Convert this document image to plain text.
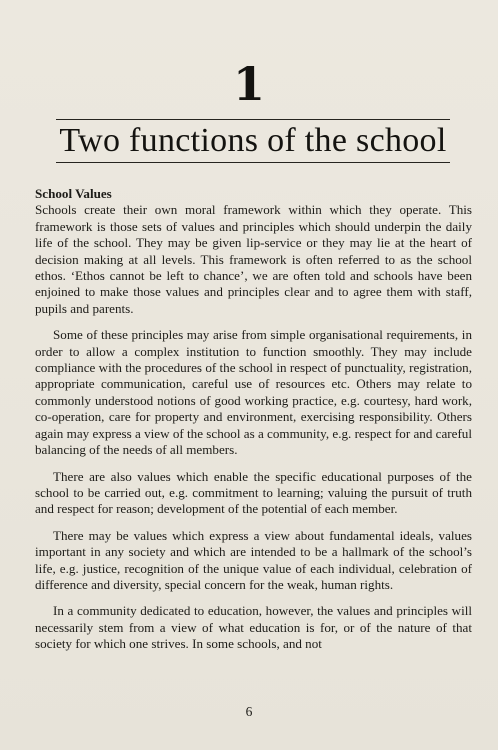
1
Two functions of the school

School Values

Schools create their own moral framework within which they operate. This framework is those sets of values and principles which should underpin the daily life of the school. They may be given lip-service or they may lie at the heart of decision making at all levels. This framework is often referred to as the school ethos. ‘Ethos cannot be left to chance’, we are often told and schools have been enjoined to make those values and principles clear and to agree them with staff, pupils and parents.

Some of these principles may arise from simple organisational requirements, in order to allow a complex institution to function smoothly. They may include compliance with the procedures of the school in respect of punctuality, registration, appropriate communication, careful use of resources etc. Others may relate to commonly understood notions of good working practice, e.g. courtesy, hard work, co-operation, care for property and environment, exercising responsibility. Others again may express a view of the school as a community, e.g. respect for and careful balancing of the needs of all members.

There are also values which enable the specific educational purposes of the school to be carried out, e.g. commitment to learning; valuing the pursuit of truth and respect for reason; development of the potential of each member.

There may be values which express a view about fundamental ideals, values important in any society and which are intended to be a hallmark of the school’s life, e.g. justice, recognition of the unique value of each individual, celebration of difference and diversity, special concern for the weak, human rights.

In a community dedicated to education, however, the values and principles will necessarily stem from a view of what education is for, or of the nature of that society for which one strives. In some schools, and not

6
